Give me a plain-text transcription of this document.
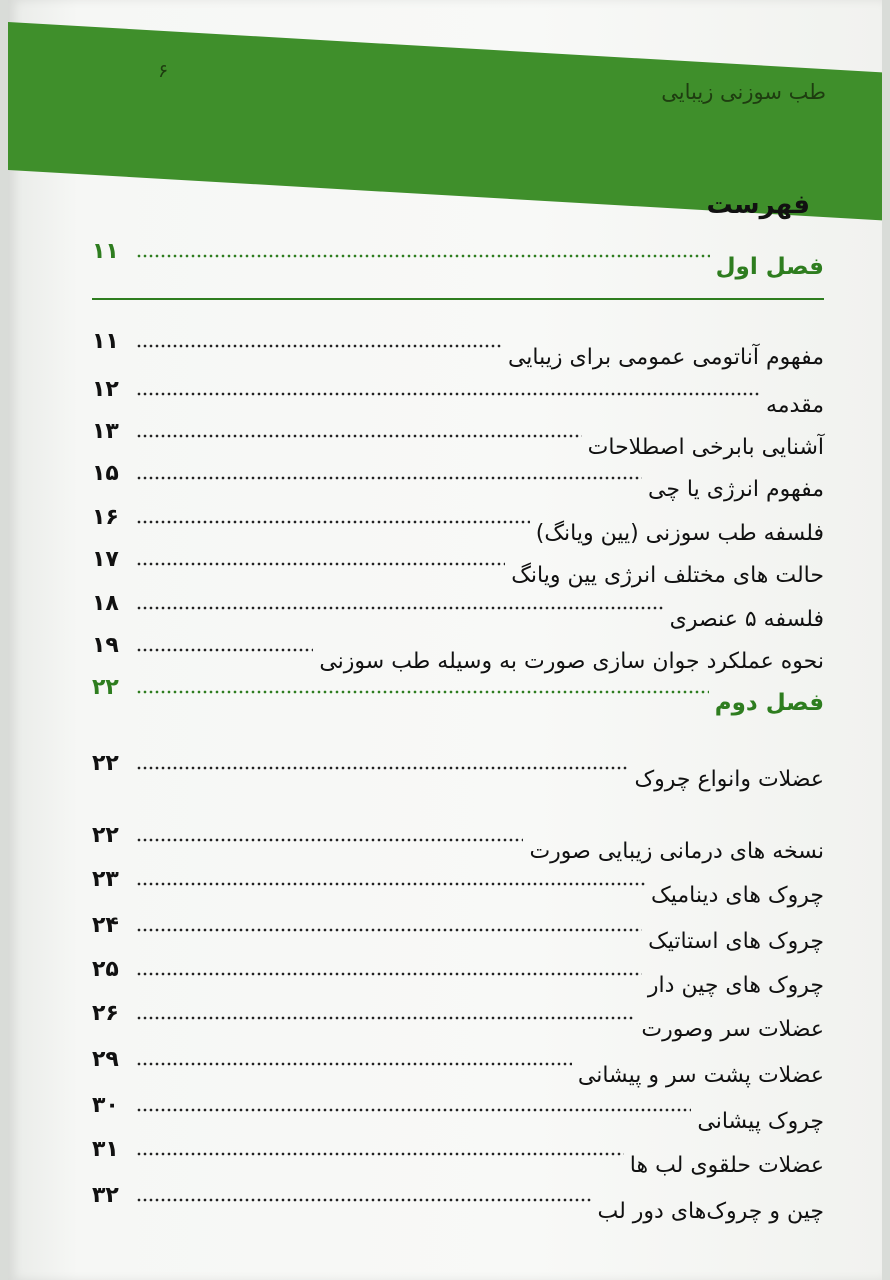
طب سوزنی زیبایی
۶
فهرست
فصل اول
۱۱
مفهوم آناتومی عمومی برای زیبایی
۱۱
مقدمه
۱۲
آشنایی بابرخی اصطلاحات
۱۳
مفهوم انرژی یا چی
۱۵
فلسفه طب سوزنی (یین ویانگ)
۱۶
حالت های مختلف انرژی یین ویانگ
۱۷
فلسفه ۵ عنصری
۱۸
نحوه عملکرد جوان سازی صورت به وسیله طب سوزنی
۱۹
فصل دوم
۲۲
عضلات وانواع چروک
۲۲
نسخه های درمانی زیبایی صورت
۲۲
چروک های دینامیک
۲۳
چروک های استاتیک
۲۴
چروک های چین دار
۲۵
عضلات سر وصورت
۲۶
عضلات پشت سر و پیشانی
۲۹
چروک پیشانی
۳۰
عضلات حلقوی لب ها
۳۱
چین و چروک‌های دور لب
۳۲
